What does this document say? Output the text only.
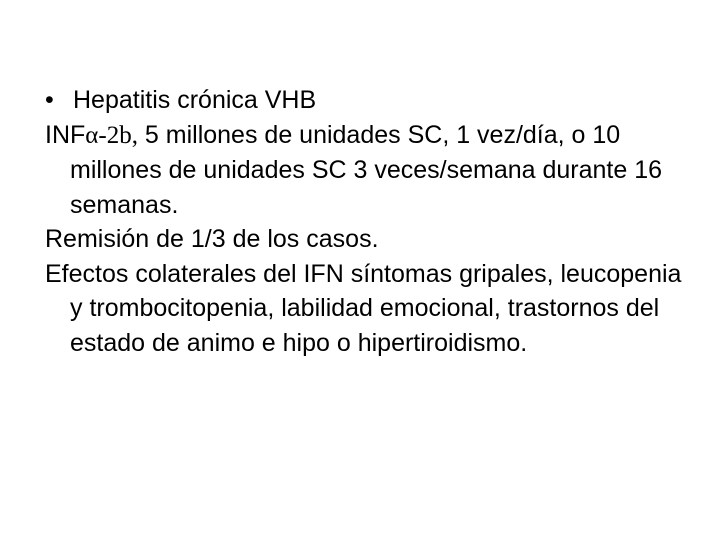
• Hepatitis crónica VHB

INFα-2b, 5 millones de unidades SC, 1 vez/día, o 10 millones de unidades SC 3 veces/semana durante 16 semanas.

Remisión de 1/3 de los casos.

Efectos colaterales del IFN síntomas gripales, leucopenia y trombocitopenia, labilidad emocional, trastornos del estado de animo e hipo o hipertiroidismo.
